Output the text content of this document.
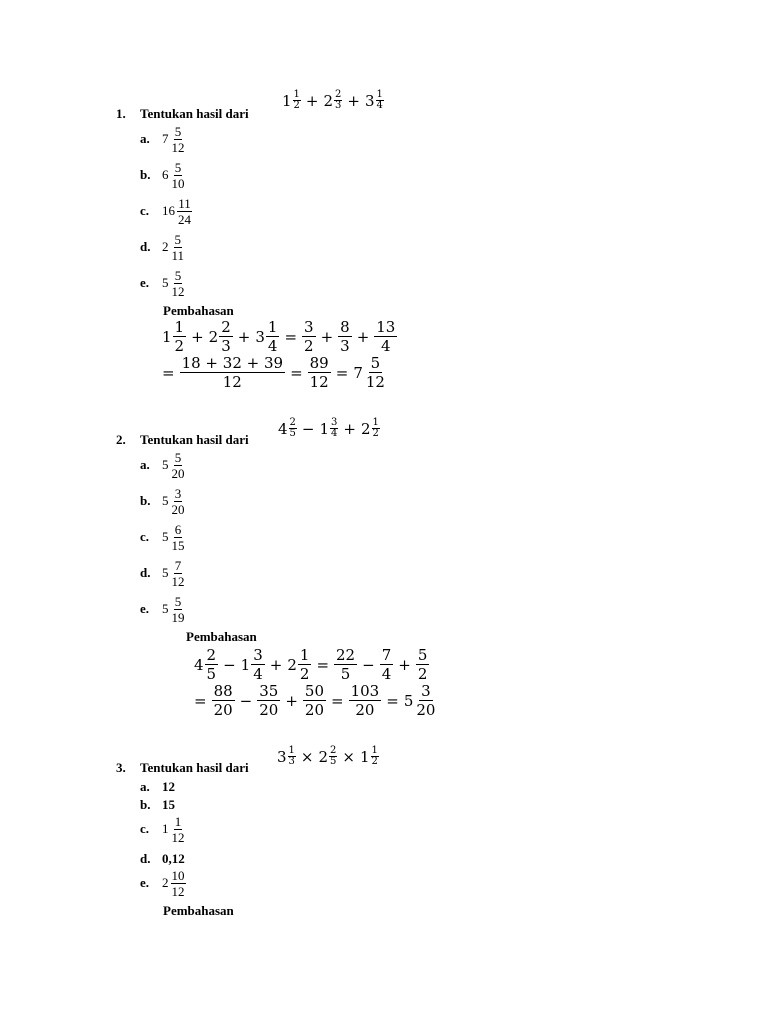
1. Tentukan hasil dari
$1 \frac{1}{2} + 2 \frac{2}{3} + 3 \frac{1}{4}$
a. $7 \frac{5}{12}$
b. $6 \frac{5}{10}$
c. $16 \frac{11}{24}$
d. $2 \frac{5}{11}$
e. $5 \frac{5}{12}$
Pembahasan
$1 \frac{1}{2} + 2 \frac{2}{3} + 3 \frac{1}{4} = \frac{3}{2} + \frac{8}{3} + \frac{13}{4}$
= $\frac{18 + 32 + 39}{12} = \frac{89}{12} = 7 \frac{5}{12}$
2. Tentukan hasil dari
$4 \frac{2}{5} - 1 \frac{3}{4} + 2 \frac{1}{2}$
a. $5 \frac{5}{20}$
b. $5 \frac{3}{20}$
c. $5 \frac{6}{15}$
d. $5 \frac{7}{12}$
e. $5 \frac{5}{19}$
Pembahasan
$4 \frac{2}{5} - 1 \frac{3}{4} + 2 \frac{1}{2} = \frac{22}{5} - \frac{7}{4} + \frac{5}{2}$
= $\frac{88}{20} - \frac{35}{20} + \frac{50}{20} = \frac{103}{20} = 5 \frac{3}{20}$
3. Tentukan hasil dari
$3 \frac{1}{3} \times 2 \frac{2}{5} \times 1 \frac{1}{2}$
a. 12
b. 15
c. $1 \frac{1}{12}$
d. 0,12
e. $2 \frac{10}{12}$
Pembahasan
